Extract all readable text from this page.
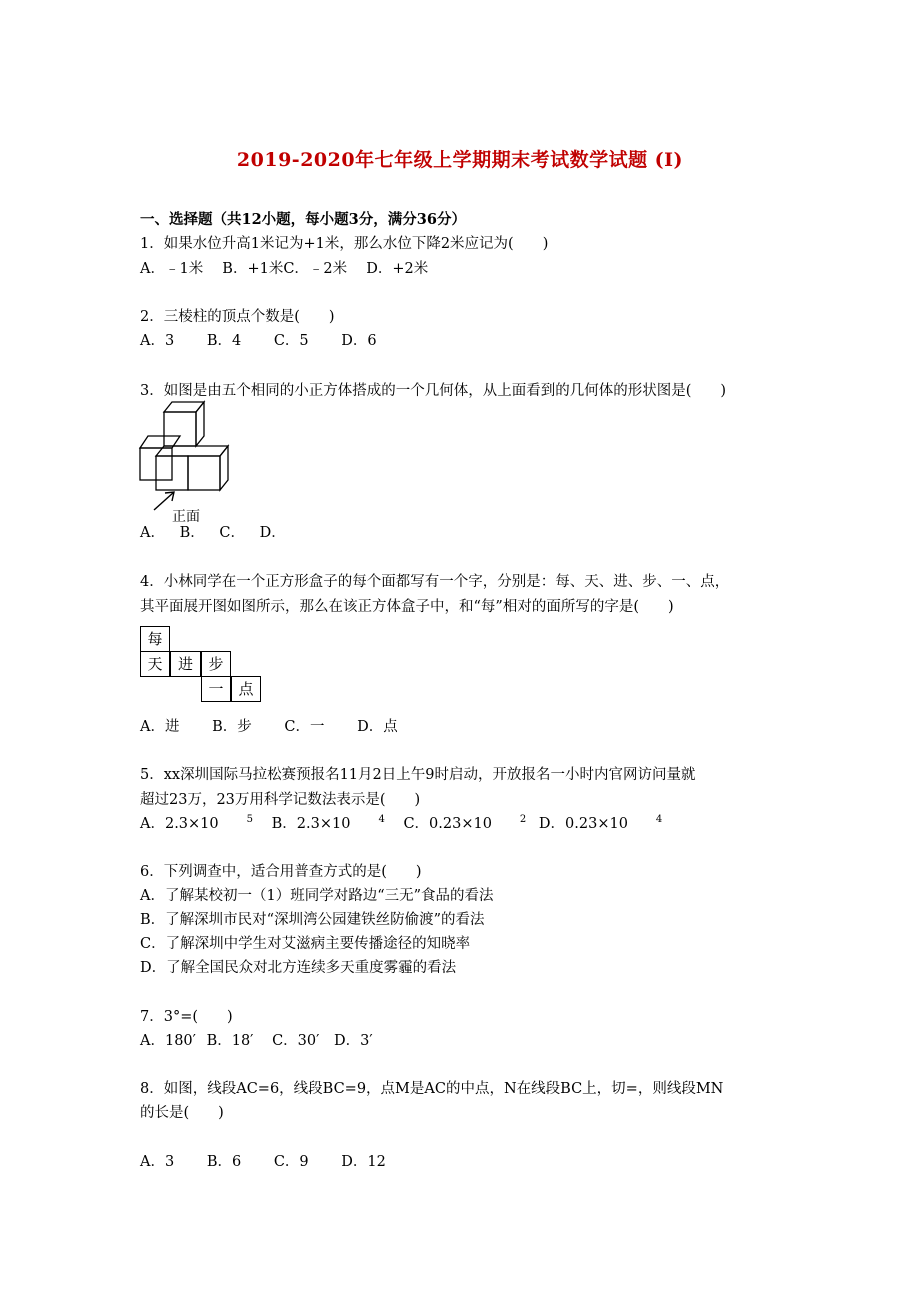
2019-2020年七年级上学期期末考试数学试题 (I)
一、选择题（共12小题，每小题3分，满分36分）
1．如果水位升高1米记为+1米，那么水位下降2米应记为(　　)
A．﹣1米　 B．+1米C．﹣2米　 D．+2米
2．三棱柱的顶点个数是(　　)
A．3 B．4 C．5 D．6
3．如图是由五个相同的小正方体搭成的一个几何体，从上面看到的几何体的形状图是(　　)
正面
A． B． C． D．
4．小林同学在一个正方形盒子的每个面都写有一个字，分别是：每、天、进、步、一、点，
其平面展开图如图所示，那么在该正方体盒子中，和“每”相对的面所写的字是(　　)
每
天	进	步
一 点
A．进 B．步 C．一 D．点
5．xx深圳国际马拉松赛预报名11月2日上午9时启动，开放报名一小时内官网访问量就
超过23万，23万用科学记数法表示是(　　)
A．2.3×10	$^5$ B．2.3×10	$^4$ C．0.23×10	$^2$ D．0.23×10	$^4$
6．下列调查中，适合用普查方式的是(　　)
A．了解某校初一（1）班同学对路边“三无”食品的看法
B．了解深圳市民对“深圳湾公园建铁丝防偷渡”的看法
C．了解深圳中学生对艾滋病主要传播途径的知晓率
D．了解全国民众对北方连续多天重度雾霾的看法
7．3°=(　　)
A．180′ B．18′ C．30′ D．3′
8．如图，线段AC=6，线段BC=9，点M是AC的中点，N在线段BC上，切=，则线段MN
的长是(　　)
A．3 B．6 C．9 D．12
